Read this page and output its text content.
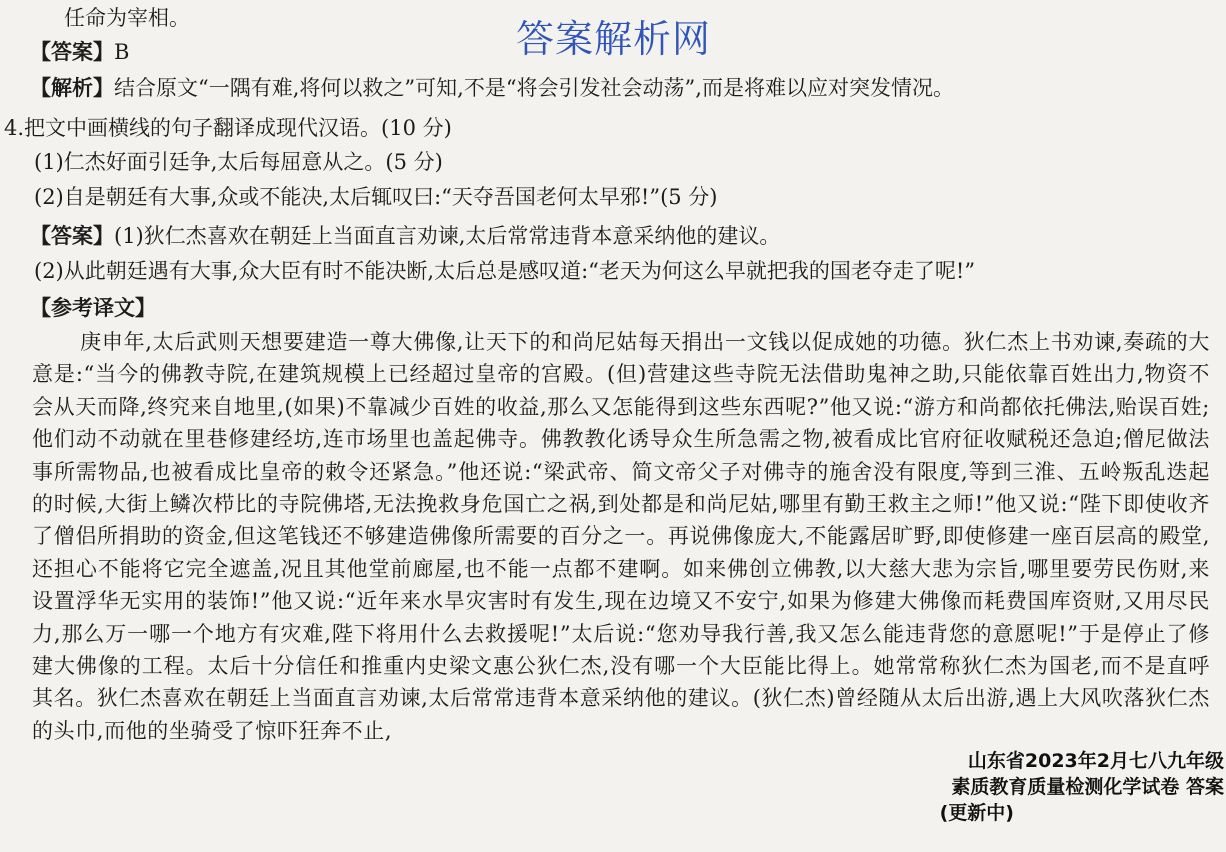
任命为宰相。	答案解析网
【答案】B
【解析】结合原文“一隅有难,将何以救之”可知,不是“将会引发社会动荡”,而是将难以应对突发情况。
4.把文中画横线的句子翻译成现代汉语。(10 分)
(1)仁杰好面引廷争,太后每屈意从之。(5 分)
(2)自是朝廷有大事,众或不能决,太后辄叹曰:“天夺吾国老何太早邪!”(5 分)
【答案】(1)狄仁杰喜欢在朝廷上当面直言劝谏,太后常常违背本意采纳他的建议。
(2)从此朝廷遇有大事,众大臣有时不能决断,太后总是感叹道:“老天为何这么早就把我的国老夺走了呢!”
【参考译文】
庚申年,太后武则天想要建造一尊大佛像,让天下的和尚尼姑每天捐出一文钱以促成她的功德。狄仁杰上书劝谏,奏疏的大意是:“当今的佛教寺院,在建筑规模上已经超过皇帝的宫殿。(但)营建这些寺院无法借助鬼神之助,只能依靠百姓出力,物资不会从天而降,终究来自地里,(如果)不靠减少百姓的收益,那么又怎能得到这些东西呢?”他又说:“游方和尚都依托佛法,贻误百姓;他们动不动就在里巷修建经坊,连市场里也盖起佛寺。佛教教化诱导众生所急需之物,被看成比官府征收赋税还急迫;僧尼做法事所需物品,也被看成比皇帝的敕令还紧急。”他还说:“梁武帝、简文帝父子对佛寺的施舍没有限度,等到三淮、五岭叛乱迭起的时候,大街上鳞次栉比的寺院佛塔,无法挽救身危国亡之祸,到处都是和尚尼姑,哪里有勤王救主之师!”他又说:“陛下即使收齐了僧侣所捐助的资金,但这笔钱还不够建造佛像所需要的百分之一。再说佛像庞大,不能露居旷野,即使修建一座百层高的殿堂,还担心不能将它完全遮盖,况且其他堂前廊屋,也不能一点都不建啊。如来佛创立佛教,以大慈大悲为宗旨,哪里要劳民伤财,来设置浮华无实用的装饰!”他又说:“近年来水旱灾害时有发生,现在边境又不安宁,如果为修建大佛像而耗费国库资财,又用尽民力,那么万一哪一个地方有灾难,陛下将用什么去救援呢!”太后说:“您劝导我行善,我又怎么能违背您的意愿呢!”于是停止了修建大佛像的工程。太后十分信任和推重内史梁文惠公狄仁杰,没有哪一个大臣能比得上。她常常称狄仁杰为国老,而不是直呼其名。狄仁杰喜欢在朝廷上当面直言劝谏,太后常常违背本意采纳他的建议。(狄仁杰)曾经随从太后出游,遇上大风吹落狄仁杰的头巾,而他的坐骑受了惊吓狂奔不止,
山东省2023年2月七八九年级
素质教育质量检测化学试卷 答案
(更新中)
